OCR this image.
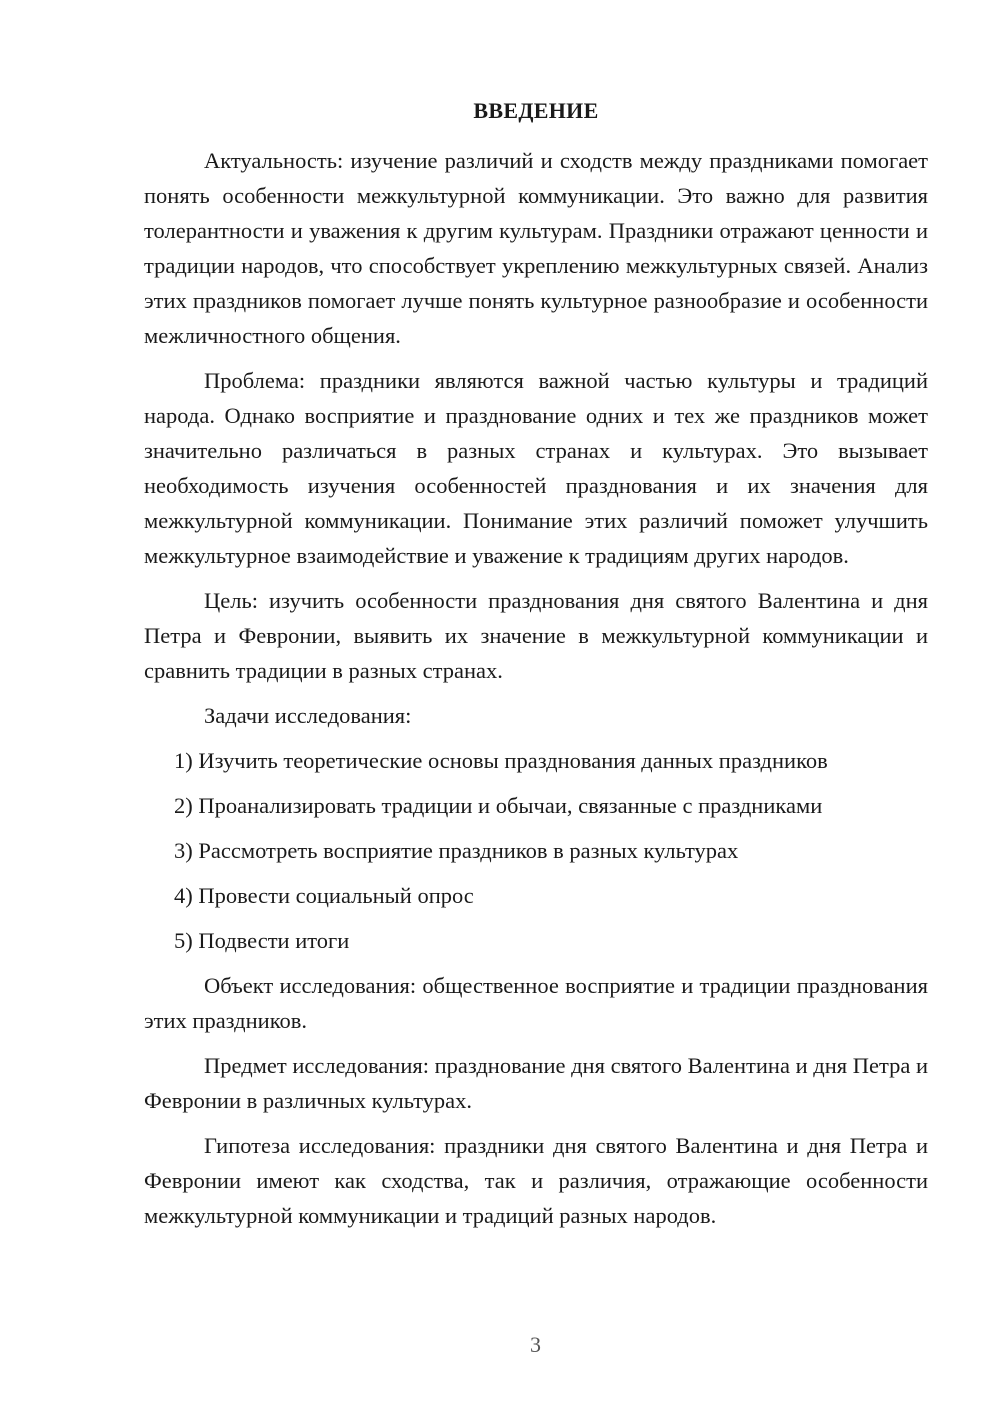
ВВЕДЕНИЕ

Актуальность: изучение различий и сходств между праздниками помогает понять особенности межкультурной коммуникации. Это важно для развития толерантности и уважения к другим культурам. Праздники отражают ценности и традиции народов, что способствует укреплению межкультурных связей. Анализ этих праздников помогает лучше понять культурное разнообразие и особенности межличностного общения.

Проблема: праздники являются важной частью культуры и традиций народа. Однако восприятие и празднование одних и тех же праздников может значительно различаться в разных странах и культурах. Это вызывает необходимость изучения особенностей празднования и их значения для межкультурной коммуникации. Понимание этих различий поможет улучшить межкультурное взаимодействие и уважение к традициям других народов.

Цель: изучить особенности празднования дня святого Валентина и дня Петра и Февронии, выявить их значение в межкультурной коммуникации и сравнить традиции в разных странах.

Задачи исследования:

1) Изучить теоретические основы празднования данных праздников
2) Проанализировать традиции и обычаи, связанные с праздниками
3) Рассмотреть восприятие праздников в разных культурах
4) Провести социальный опрос
5) Подвести итоги

Объект исследования: общественное восприятие и традиции празднования этих праздников.

Предмет исследования: празднование дня святого Валентина и дня Петра и Февронии в различных культурах.

Гипотеза исследования: праздники дня святого Валентина и дня Петра и Февронии имеют как сходства, так и различия, отражающие особенности межкультурной коммуникации и традиций разных народов.

3
